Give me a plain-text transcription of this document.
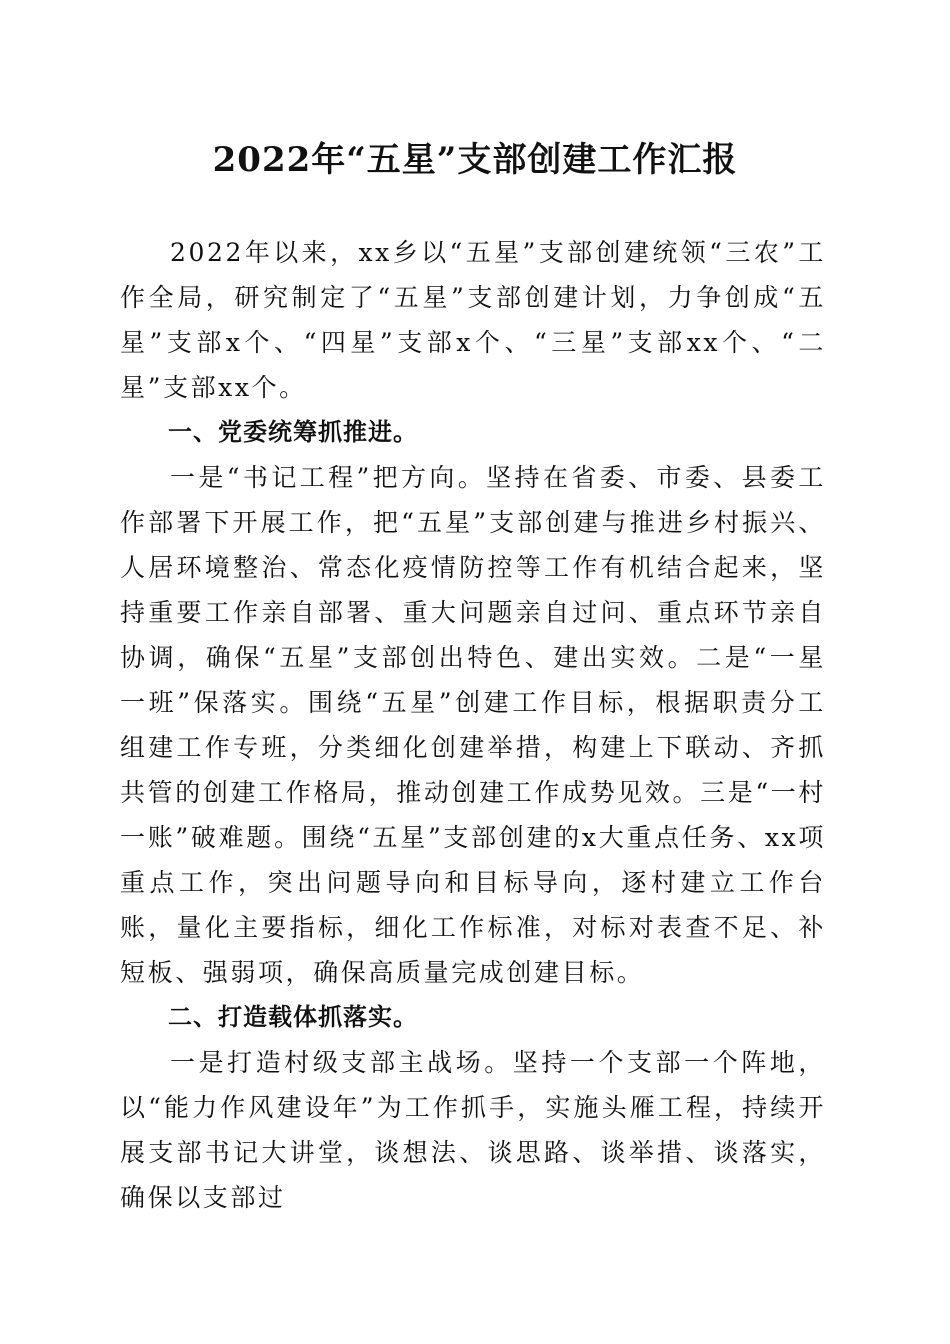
2022年“五星”支部创建工作汇报

2022年以来，xx乡以“五星”支部创建统领“三农”工作全局，研究制定了“五星”支部创建计划，力争创成“五星”支部x个、“四星”支部x个、“三星”支部xx个、“二星”支部xx个。

一、党委统筹抓推进。

一是“书记工程”把方向。坚持在省委、市委、县委工作部署下开展工作，把“五星”支部创建与推进乡村振兴、人居环境整治、常态化疫情防控等工作有机结合起来，坚持重要工作亲自部署、重大问题亲自过问、重点环节亲自协调，确保“五星”支部创出特色、建出实效。二是“一星一班”保落实。围绕“五星”创建工作目标，根据职责分工组建工作专班，分类细化创建举措，构建上下联动、齐抓共管的创建工作格局，推动创建工作成势见效。三是“一村一账”破难题。围绕“五星”支部创建的x大重点任务、xx项重点工作，突出问题导向和目标导向，逐村建立工作台账，量化主要指标，细化工作标准，对标对表查不足、补短板、强弱项，确保高质量完成创建目标。

二、打造载体抓落实。

一是打造村级支部主战场。坚持一个支部一个阵地，以“能力作风建设年”为工作抓手，实施头雁工程，持续开展支部书记大讲堂，谈想法、谈思路、谈举措、谈落实，确保以支部过
